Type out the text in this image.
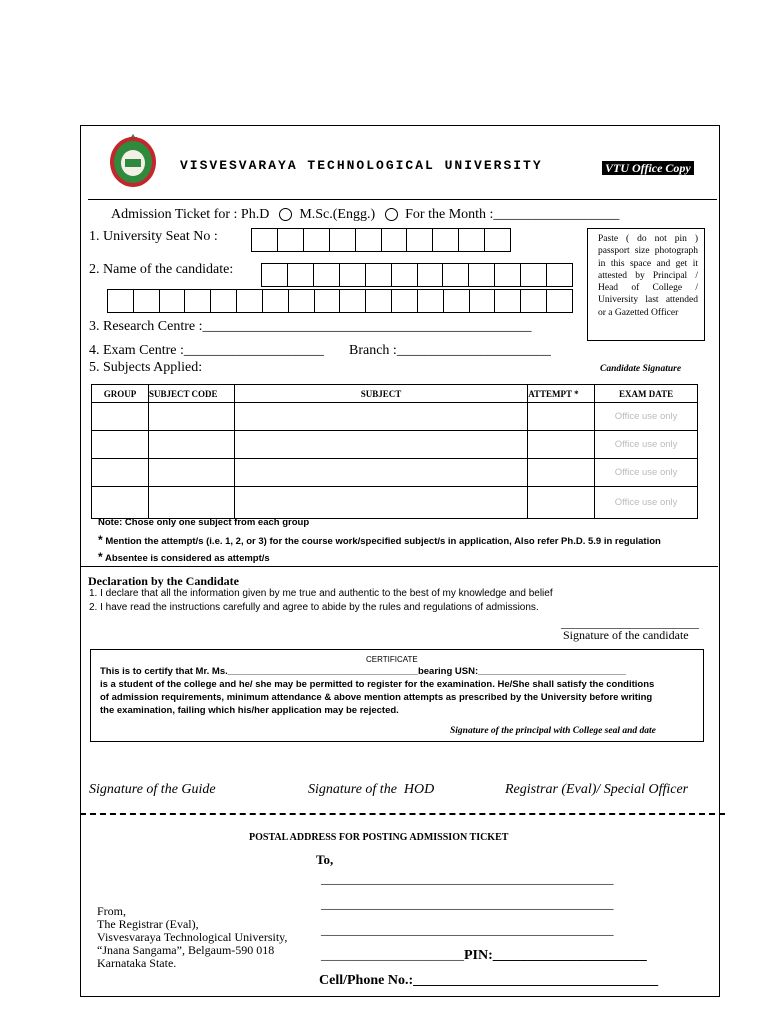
VISVESVARAYA TECHNOLOGICAL UNIVERSITY	VTU Office Copy
Admission Ticket for : Ph.D M.Sc.(Engg.) For the Month :__________________
1. University Seat No :
2. Name of the candidate:
Paste ( do not pin ) passport size photograph in this space and get it attested by Principal / Head of College / University last attended or a Gazetted Officer
3. Research Centre :_______________________________________________
4. Exam Centre :____________________ Branch :______________________
5. Subjects Applied:	Candidate Signature
GROUP	SUBJECT CODE	SUBJECT	ATTEMPT *	EXAM DATE
				Office use only
				Office use only
				Office use only
				Office use only
Note: Chose only one subject from each group
* Mention the attempt/s (i.e. 1, 2, or 3) for the course work/specified subject/s in application, Also refer Ph.D. 5.9 in regulation
* Absentee is considered as attempt/s
Declaration by the Candidate
1. I declare that all the information given by me true and authentic to the best of my knowledge and belief
2. I have read the instructions carefully and agree to abide by the rules and regulations of admissions.
_______________________
Signature of the candidate
CERTIFICATE
This is to certify that Mr. Ms.____________________________________bearing USN:____________________________
is a student of the college and he/ she may be permitted to register for the examination. He/She shall satisfy the conditions
of admission requirements, minimum attendance & above mention attempts as prescribed by the University before writing
the examination, failing which his/her application may be rejected.
Signature of the principal with College seal and date
Signature of the Guide	Signature of the  HOD	Registrar (Eval)/ Special Officer
POSTAL ADDRESS FOR POSTING ADMISSION TICKET
To,
_____________________________________________
_____________________________________________
_____________________________________________
______________________PIN:______________________
Cell/Phone No.:___________________________________
From,
The Registrar (Eval),
Visvesvaraya Technological University,
“Jnana Sangama”, Belgaum-590 018
Karnataka State.
